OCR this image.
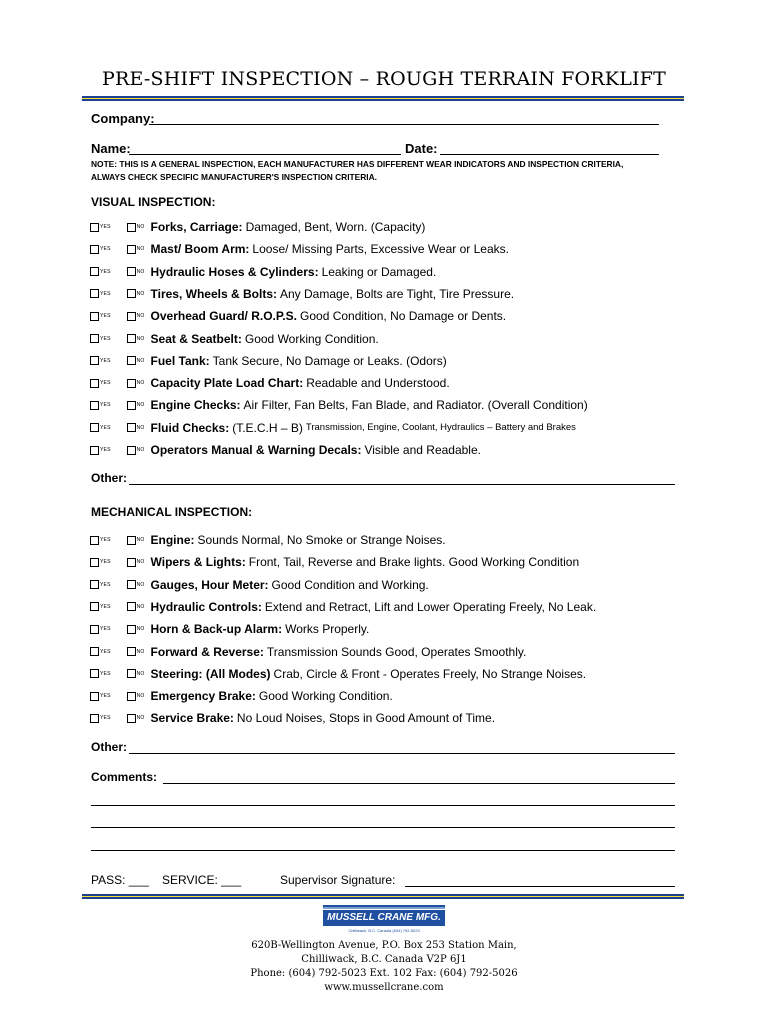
PRE-SHIFT INSPECTION – ROUGH TERRAIN FORKLIFT
Company:
Name:	Date:
NOTE: THIS IS A GENERAL INSPECTION, EACH MANUFACTURER HAS DIFFERENT WEAR INDICATORS AND INSPECTION CRITERIA, ALWAYS CHECK SPECIFIC MANUFACTURER'S INSPECTION CRITERIA.
VISUAL INSPECTION:
YES	NO Forks, Carriage: Damaged, Bent, Worn. (Capacity)
YES	NO Mast/ Boom Arm: Loose/ Missing Parts, Excessive Wear or Leaks.
YES	NO Hydraulic Hoses & Cylinders: Leaking or Damaged.
YES	NO Tires, Wheels & Bolts: Any Damage, Bolts are Tight, Tire Pressure.
YES	NO Overhead Guard/ R.O.P.S. Good Condition, No Damage or Dents.
YES	NO Seat & Seatbelt: Good Working Condition.
YES	NO Fuel Tank: Tank Secure, No Damage or Leaks. (Odors)
YES	NO Capacity Plate Load Chart: Readable and Understood.
YES	NO Engine Checks: Air Filter, Fan Belts, Fan Blade, and Radiator. (Overall Condition)
YES	NO Fluid Checks: (T.E.C.H – B) Transmission, Engine, Coolant, Hydraulics – Battery and Brakes
YES	NO Operators Manual & Warning Decals: Visible and Readable.
Other:
MECHANICAL INSPECTION:
YES	NO Engine: Sounds Normal, No Smoke or Strange Noises.
YES	NO Wipers & Lights: Front, Tail, Reverse and Brake lights. Good Working Condition
YES	NO Gauges, Hour Meter: Good Condition and Working.
YES	NO Hydraulic Controls: Extend and Retract, Lift and Lower Operating Freely, No Leak.
YES	NO Horn & Back-up Alarm: Works Properly.
YES	NO Forward & Reverse: Transmission Sounds Good, Operates Smoothly.
YES	NO Steering: (All Modes) Crab, Circle & Front - Operates Freely, No Strange Noises.
YES	NO Emergency Brake: Good Working Condition.
YES	NO Service Brake: No Loud Noises, Stops in Good Amount of Time.
Other:
Comments:
PASS: ___ SERVICE: ___	Supervisor Signature:
MUSSELL CRANE MFG.
Chilliwack, B.C. Canada (604) 792-5023
620B-Wellington Avenue, P.O. Box 253 Station Main,
Chilliwack, B.C. Canada V2P 6J1
Phone: (604) 792-5023 Ext. 102 Fax: (604) 792-5026
www.mussellcrane.com
